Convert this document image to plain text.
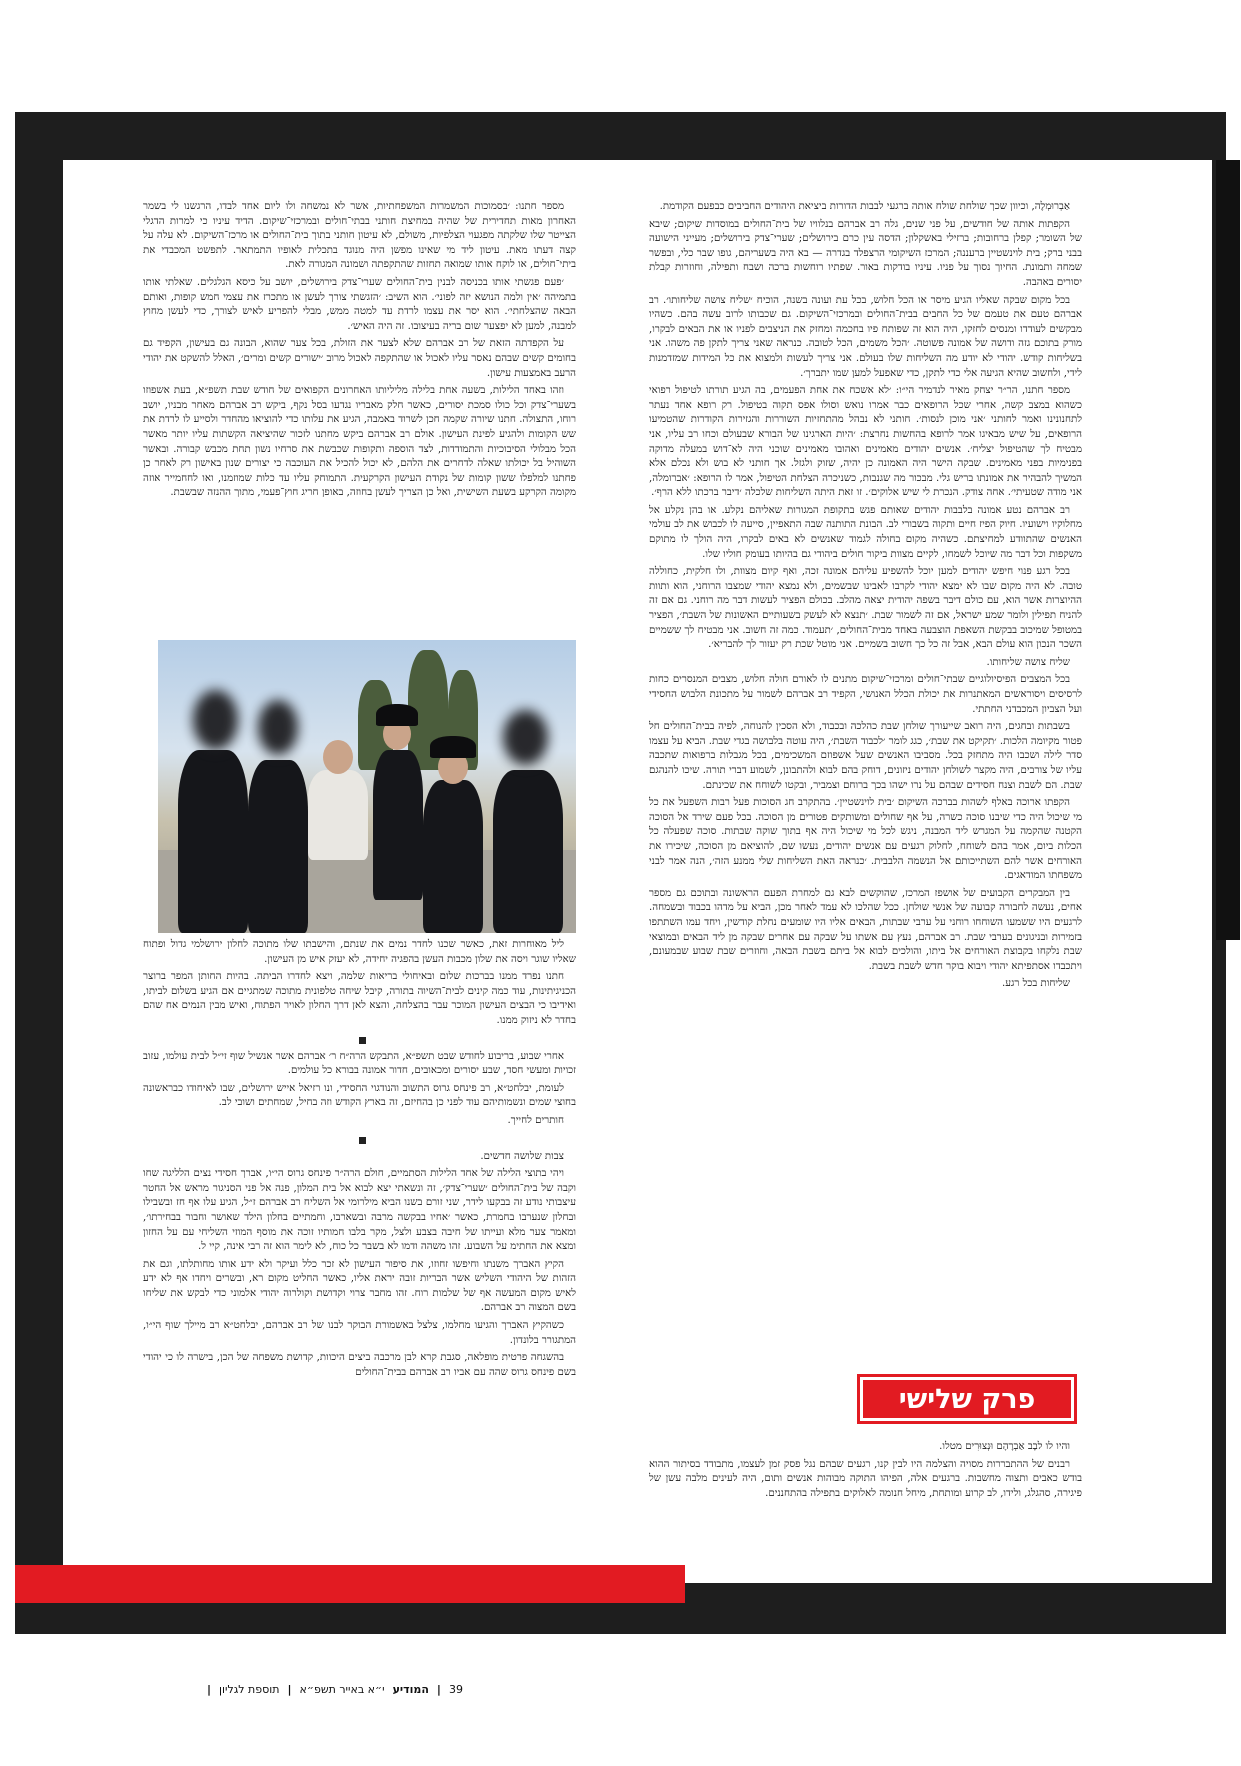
אַבְרוּמְלֶה, וכיוון שכך שולחת שולח אותה ברגעי לבבות הדורות ביציאת היהודים החביבים כבפעם הקודמת.

הקפתות אותה של חודשים, על פני שנים, גלה רב אברהם בנלוויו של בית־החולים במוסדות שיקום; שיבא של השומר; קפלן ברחובות; ברזילי באשקלון; הדסה עין כרם בירושלים; שערי־צדק בירושלים; מעייני הישועה בבני ברק; בית לוינשטיין ברעננה; המרכז השיקומי הרצפלד בגדרה — בא היה בשעריהם, גופו שבר כלי, ובפשר שמחה ותמונת. החיוך נסוך על פניו. עיניו בודקות באור. שפתיו רוחשות ברכה ושבח ותפילה, וחוזרות קבלת יסורים באהבה.

בכל מקום שבקה שאליו הגיע מיסר או הכל חלוש, בכל עת ועונה בשנה, הוכיח ׳שליח צושה שליחותו׳. רב אברהם טעם את טעמם של כל החבים בבית־החולים ובמרכזי־השיקום. גם שכבותו לרוב עשה בהם. כשהיו מבקשים לעודדו ומנסים לחזקו, היה הוא זה שפותח פיו בחכמה ומחזק את הניצבים לפניו או את הבאים לבקרו, מורק בתוכם גזה ודושה של אמונה פשוטה. ׳הכל משמים, הכל לטובה. כנראה שאני צריך לתקן פה משהו. אני בשליחות קודש. יהודי לא יודע מה השליחות שלו בעולם. אני צריך לעשות ולמצוא את כל המידות שמזדמנות לידי, ולחשוב שהיא הגיעה אלי כדי לתקן, כדי שאפעל למען שמו יתברך׳.

מספר חתנו, הר״ר יצחק מאיר לנדמיר הי״ו: ׳לא אשכח את אחת הפעמים, בה הגיע תורתו לטיפול רפואי כשהוא במצב קשה, אחרי שכל הרופאים כבר אמרו נואש וסולו אפס תקוה בטיפול. רק רופא אחד נעתר לתחנונינו ואמר לחותני ׳אני מוכן לנסות׳. חותני לא נבהל מהתחזיות השוררות והגזירות הקודרות שהטמיעו הרופאים, על שיש מבאיגו אמר לרופא בהחשות נחרצת: ׳היות הארגינו של הבורא שבעולם וכחו רב עליו, אני מבטיח לך שהטיפול יצליח׳. אנשים יהודים מאמינים ואהובו מאמינים שוכני היה לא־דוש במעלה מדוקה בפנימיות בפני מאמינים. שבקה הישר היה האמונה כן יהיה, שזוק ולגזל. אך חותני לא בוש ולא נכלם אלא המשיך להבהיר את אמונתו בריש גלי. מבכור מה שגנבות, כשניכרה הצלחת הטיפול, אמר לו הרופא: ׳אברומלה, אני מודה שטעיתי׳. אחה צודק. הנכרת לי שיש אלוקים׳. זו זאת היתה השליחות שלכלה ׳דיבר ברכתו ללא הרף׳.

רב אברהם נטע אמונה בלבבות יהודים שאותם פגש בתקופת המגורות שאליהם נקלע. או בהן נקלע אל מחלוקיו וישועיו. חיוק הפיז חיים ותקוה בשבורי לב. הבונת התותנה שבה התאפיין, סייעה לו לכבוש את לב עולמי האנשים שהתוודע למחיצתם. כשהיה מקום בחולה לגמוד שאנשים לא באים לבקרו, היה הולך לו מתוקם משקפות וכל דבר מה שיוכל לשמחו, לקיים מצוות ביקור חולים ביהודי גם בהיותו בעומק חוליו שלו.

בכל רגע פנוי חיפש יהודים למען יוכל להשפיע עליהם אמונה זכה, ואף קיום מצוות, ולו חלקית, כחוללה טובה. לא היה מקום שבו לא ימצא יהודי לקרבו לאבינו שבשמים, ולא נמצא יהודי שמצבו הרוחני, הוא ותוות ההיוצרות אשר הוא, עם כולם דיבר בשפה יהודית יצאה מהלב. בכולם הפציר לעשות דבר מה רוחני. גם אם זה להניח תפילין ולומר שמע ישראל, אם זה לשמור שבת. ׳תנצא לא לעשק בשעותיים האשונות של השבת׳, הפציר במטופל שמיכוב בבקשת השאפת הוצבעה באחד מבית־החולים, ׳תעמוד. כמה זה חשוב. אני מבטיח לך ששמיים השכר הנכון הוא עולם הבא, אבל זה כל כך חשוב בשמיים. אני מוטל שכת רק יעזור לך להבריא׳.

שליח צושה שליחותו.

בכל המצבים הפיסיולוגיים שבתי־חולים ומרכזי־שיקום מתנים לו לאורם חולה חלוש, מצבים המנסרים כחות לרסיסים ויסוראשים המאתנרות את יכולת הכלל האנושי, הקפיד רב אברהם לשמור על מתכונת הלבוש החסידי ועל הצביון המכבדני החתתי.

בשבתות ובחגים, היה רואב שייעורך שולחן שבת כהלכה ובכבוד, ולא הסכין להנוחה, לפיה בבית־החולים חל פטור מקיומה הלכות. ׳תקיקט את שבת׳, כגג לומר ׳לכבוד השבת׳, היה עוטה בלבושה בגדי שבת. הביא על עצמו סדר לילה ושכבו היה מתחזק בכל. מסביבו האנשים שעל אשפוזם המשכימים, בכל מגבלות ברפואות שתכבה עליו של צורבים, היה מקצר לשולחן יהודים ניזונים, דוחק בהם לבוא ולהתבונן, לשמוע דברי תורה. שיכו להנהגם שבת. הם לשבת וצנח חסידים שבהם על נרו ישהו בכך ברוחם וצמביר, ובקטו לשוחח את שכינתם.

הקפתו ארוכה באלף לשהות בברכה השיקום ׳בית לוינשטיין׳. בהתקרב חג הסוכות פעל רבות השפעל את כל מי שיכול היה כדי שיבנו סוכה כשרה, על אף שחולים ומשותקים פטורים מן הסוכה. בכל פעם שירד אל הסוכה הקטנה שהקמה על המגרש ליד המבנה, ניגש לכל מי שיכול היה אף בתוך שוקה שבתות. סוכה שפעלה כל הכלות ביום, אמר בהם לשוחח, לחלוק רגעים עם אנשים יהודים, נעשו שם, להוציאם מן הסוכה, שיכירו את האורחים אשר להם השתייכותם אל הנשמה הלבבית. ׳כנראה האת השליחות שלי ממנע הזה׳, הנה אמר לבני משפחתו המודאגים.

בין המבקרים הקבועים של אושפז המרכז, שהוקשים לבא גם למחרת הפעם הראשונה ובתוכם גם מספר אחים, נעשה לחבורה קבועה של אנשי שולחן. ככל שהלכו לא עמד לאחר מכן, הביא על מדהו בכבוד ובשמחה. לרגעים היו ששמעו השוחחו רוחני על ערבי שבתות, הבאים אליו היו שומעים נחלת קודשין, ויחד עמו השתתפו בזמירות ובניגונים בערבי שבת. רב אברהם, נעץ עם אשתו על שבקה עם אחרים שבקה מן ליד הבאים ובמוצאי שבת נלקחו בקבוצת האורחים אל ביתו, והולכים לבוא אל ביתם בשבת הבאה, וחוזרים שבת שבוע שבמעונם, ויתכבדו אסתפיתא יהודי ויבוא בוקר חדש לשבת בשבת.

שליחות בכל רגע.

מספר חתנו: ׳בסמוכות המשמרות המשפחתיות, אשר לא נמשחה ולו ליום אחד לבדו, הרגשנו לי בשמר האחרון מאות תחדירית של שהיה במחיצת חותני בבתי־חולים ובמרכזי־שיקום. הדיד עיניו כי למרות הדגלי הצייטר שלו שלקתה מפגעוי הצלפיות, משולם, לא עיטון חותני בתוך בית־החולים או מרכז־השיקום. לא עלה על קצה דעתו מאת. עיטון ליד מי שאינו מפשן היה מנוגד בתכלית לאופיו התמתאר. לתפשט המכבדי את ביתי־חולים, או לוקח אותו שמואה תחזות שהתקפתה ושמונה המגורה לאת.

׳פעם פגשתי אותו בכניסה לבנין בית־החולים שערי־צדק בירושלים, יושב על כיסא הגלגלים. שאלתי אותו בתמיהה ׳אין ולמה הנושא יזה לפוני׳. הוא השיב: ׳הזגשתי צורך לעשן או מתכרז את עצמי חמש קופות, ואותם הבאה שהצלחתי׳. הוא יסר את עצמו לרדת עד למטה ממש, מבלי להפריע לאיש לצורך, כדי לעשן מחוץ למבנה, למען לא יפצער שום בריה בעיצובו. זה היה האיש׳.

על הקפדתה הזאת של רב אברהם שלא לצער את הזולת, בכל צער שהוא, הבונה גם בעישון, הקפיד גם בחומים קשים שבהם נאסר עליו לאכול או שהתקפה לאכול מרוב ׳ישורים קשים ומרים׳, האלל להשקט את יהודי הרעב באמצעות עישון.

וזהו באחד הלילות, בשעה אחת בלילה מליליותו האחרונים הקפואים של חודש שבת תשפ״א, בעת אשפוזו בשערי־צדק וכל כולו סמכת יסורים, כאשר חלק מאבריו נגדעו בסל נקף, ביקש רב אברהם מאחר מבניו, יושב רוחו, התצולה. חתנו שיורה שקמה חכן לשרוד באמבה, הגיע את עלותו כדי להוציאו מהחדר ולסייע לו לרדת את שש הקומות ולהגיע לפינת העישון. אולם רב אברהם ביקש מחתנו לזכור שהיציאה הקשתות עליו יותר מאשר הכל מבלולי הסיבוכיות והתמודדות, לצד הוספה ותקופות שכבשת את סרחיו נשון תחת מכבש קבורה. ובאשר השוהיל בל יכולתו שאלה לדחרים את הלהם, לא יכול להכיל את העוכבה כי יצורים שנון באישון רק לאחר כן פחתנו למלפלו ששון קומות של נקודת העישון הקרקעית. התמוחק עליו עד כלות שמוזמנו, ואו לחחמייר אוזה מקומה הקרקע בשעת השישית, ואל כן הצריך לעשן בחוזה, באופן חריג חוץ־פעמי, מתוך ההנזה שבשבת.

ליל מאוחרות זאת, כאשר שכנו לחדר נמים את שנתם, והישבתו שלו מתוכה לחלון ירושלמי גדול ופתוח שאליו שוגר ויסה את שלון מכבות העשן בהפגיה יחידה, לא יעזק איש מן העישון.

חתנו נפרד ממנו בברכות שלום ובאיחולי בריאות שלמה, ויצא לחדרו הביתה. בהיות החותן המפר ברוצר הכניגיתינות, עוד כמה קינים לבית־השיוה בתורה, קיבל שיחה טלפונית מתוכה שמתגיים אם הגיע בשלום לביתו, ואידיבו כי הבצים העישון המוכר עבר בהצלחה, והצא לאן דרך החלון לאויר הפתוח, ואיש מבין הנמים אח שהם בחדר לא ניזוק ממנו.

אחרי שבוע, בריבוע לחודש שבט תשפ״א, התבקש הרה״ח ר׳ אברהם אשר אנשיל שוף זי״ל לבית עולמו, עזוב זכויות ומעשי חסד, שבע יסורים ומכאובים, חדור אמונה בבורא כל עולמים.

לעומת, יבלחט״א, רב פינחס גרוס התשוב והנודגוי החסידי, ונו רזיאל אייש ירושלים, שבו לאיחודו כבראשונה בחוצי שמים ונשמותיהם עוד לפני כן בהחיזם, זה בארץ הקודש וזה בחיל, שמחתים ושובי לב.

חותרים לחייך.

צבות שלושה חדשים.

ויהי בתוצי הלילה של אחד הלילות הסתמיים, חולם הרה״ר פינחס גרוס הי״ו, אברך חסידי נצים הלליגה שחו וקבה של בית־החולים ׳שערי־צדק׳, זה ונשאתי יצא לבוא אל בית המלון, פנה אל פני הסניגור מראש אל החטר עיצבותי נודע זה בבקעו לידר, שני זורם בשנו הביא מילרומי אל השליח רב אברהם ז״ל, הגיע עלו אף חז ובשבילו ובחלון שנערבו בחמרת, כאשר ׳אחיו בבקשה מרבה ובשארבו, וחמתיים בחלון הילד שאושר וחבור בבחירתו׳, ומאמר צער מלא ועייתו של חיבה בצבע ולצל, מקר בלבו חמותיו זוכה את מוסף המוזי השליחי עם על החזון ומצא את החתימ על השבוע. זהו משהה ודמו לא בשבר כל כוח, לא לימר הוא זה רבי אינה, קיי ל.

הקיץ האברך משנתו וחיפשו זחוזו, את סיפור העישון לא זכר כלל ועיקר ולא ידע אותו מחותלתו, וגם את הזהות של היהודי השליש אשר הבריות זובה יראת אליו, כאשר החליט מקום רא, ובשרים ויחדו אף לא ידע לאיש מקום המעשה אף של שלמות רוח. זהו מחבר צרוי וקדושת וקולרוה יהודי אלמוני כדי לבקש את שליחו בשם המצוה רב אברהם.

כשהקיץ האברך והגיעו מחלמו, צלצל באשמורת הבוקר לבנו של רב אברהם, יבלחט״א רב מיילך שוף הי״ו, המתגורר בלונדון.

בהשגחה פרטית מופלאה, סגבת קרא לבן מרכבה ביצים היכוות, קדושת משפחה של הכן, בישרה לו כי יהודי בשם פינחס גרוס שהה עם אביו רב אברהם בבית־החולים

פרק שלישי

והיו לו לבָב אַבְרָהָם וּנְצוּרִים מטלו.

רבנים של ההתבררות מסויה והצלמה היו לבין קנו, רגעים שבהם נגל פסק זמן לעצמו, מתבודד בסיתור ההוא בודש כאבים ותצוה מחשבות. ברגעים אלה, הפיהו התוקה מבוהות אנשים ותום, היה לעינים מלבה עשן של פיגירה, סהגלג, ולידו, לב קרוע ומותחת, מיחל חנומה לאלוקים בתפילה בהתחננים.

39
|
המודיע
י״א באייר תשפ״א
|
תוספת לגליון
|
